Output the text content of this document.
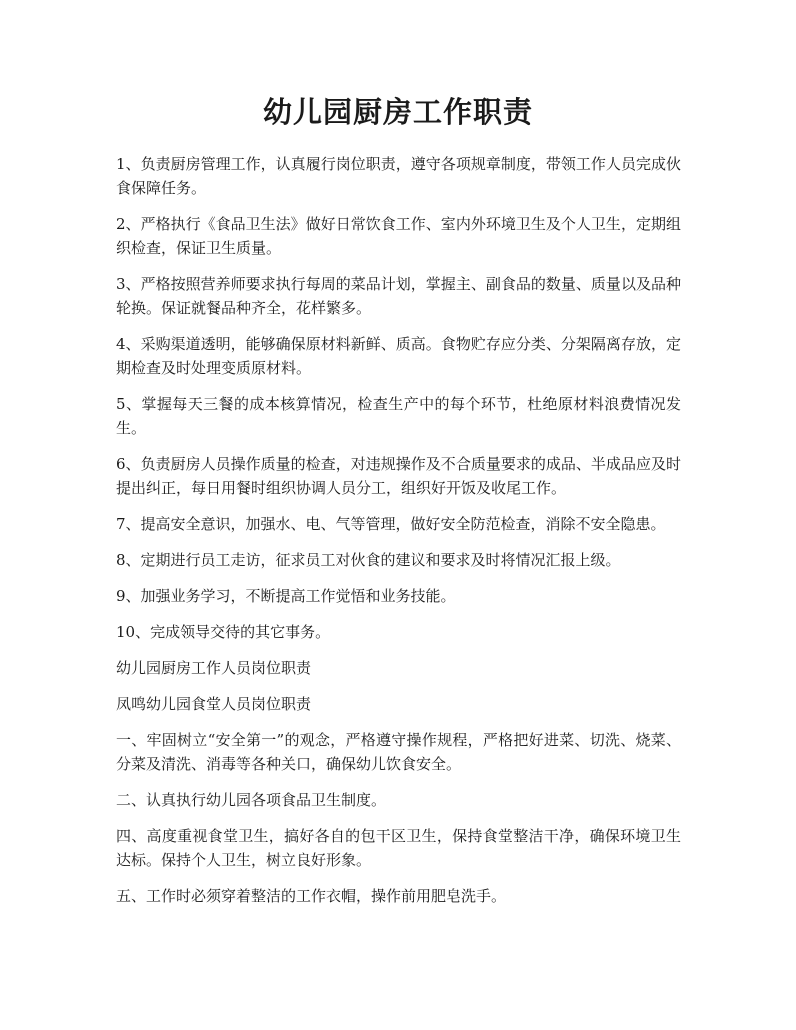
幼儿园厨房工作职责

1、负责厨房管理工作，认真履行岗位职责，遵守各项规章制度，带领工作人员完成伙食保障任务。

2、严格执行《食品卫生法》做好日常饮食工作、室内外环境卫生及个人卫生，定期组织检查，保证卫生质量。

3、严格按照营养师要求执行每周的菜品计划，掌握主、副食品的数量、质量以及品种轮换。保证就餐品种齐全，花样繁多。

4、采购渠道透明，能够确保原材料新鲜、质高。食物贮存应分类、分架隔离存放，定期检查及时处理变质原材料。

5、掌握每天三餐的成本核算情况，检查生产中的每个环节，杜绝原材料浪费情况发生。

6、负责厨房人员操作质量的检查，对违规操作及不合质量要求的成品、半成品应及时提出纠正，每日用餐时组织协调人员分工，组织好开饭及收尾工作。

7、提高安全意识，加强水、电、气等管理，做好安全防范检查，消除不安全隐患。

8、定期进行员工走访，征求员工对伙食的建议和要求及时将情况汇报上级。

9、加强业务学习，不断提高工作觉悟和业务技能。

10、完成领导交待的其它事务。

幼儿园厨房工作人员岗位职责

凤鸣幼儿园食堂人员岗位职责

一、牢固树立“安全第一”的观念，严格遵守操作规程，严格把好进菜、切洗、烧菜、分菜及清洗、消毒等各种关口，确保幼儿饮食安全。

二、认真执行幼儿园各项食品卫生制度。

四、高度重视食堂卫生，搞好各自的包干区卫生，保持食堂整洁干净，确保环境卫生达标。保持个人卫生，树立良好形象。

五、工作时必须穿着整洁的工作衣帽，操作前用肥皂洗手。
